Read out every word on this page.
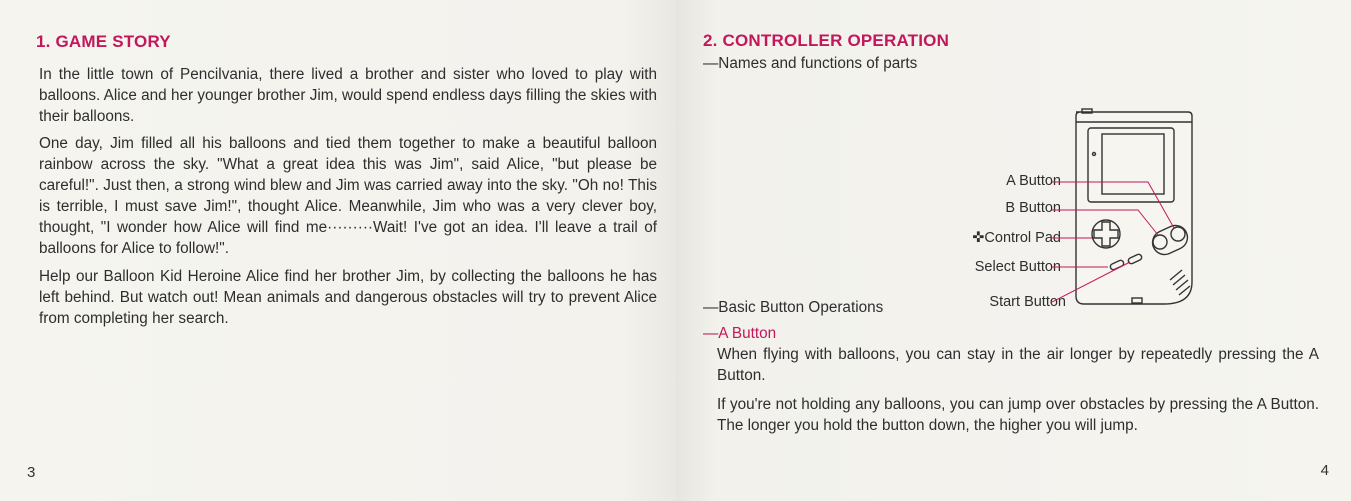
1. GAME STORY

In the little town of Pencilvania, there lived a brother and sister who loved to play with balloons. Alice and her younger brother Jim, would spend endless days filling the skies with their balloons.

One day, Jim filled all his balloons and tied them together to make a beautiful balloon rainbow across the sky. "What a great idea this was Jim", said Alice, "but please be careful!". Just then, a strong wind blew and Jim was carried away into the sky. "Oh no! This is terrible, I must save Jim!", thought Alice. Meanwhile, Jim who was a very clever boy, thought, "I wonder how Alice will find me·········Wait! I've got an idea. I'll leave a trail of balloons for Alice to follow!".

Help our Balloon Kid Heroine Alice find her brother Jim, by collecting the balloons he has left behind. But watch out! Mean animals and dangerous obstacles will try to prevent Alice from completing her search.

3
2. CONTROLLER OPERATION

—Names and functions of parts

A Button
B Button
✜Control Pad
Select Button
Start Button

—Basic Button Operations

—A Button

When flying with balloons, you can stay in the air longer by repeatedly pressing the A Button.

If you're not holding any balloons, you can jump over obstacles by pressing the A Button. The longer you hold the button down, the higher you will jump.

4
